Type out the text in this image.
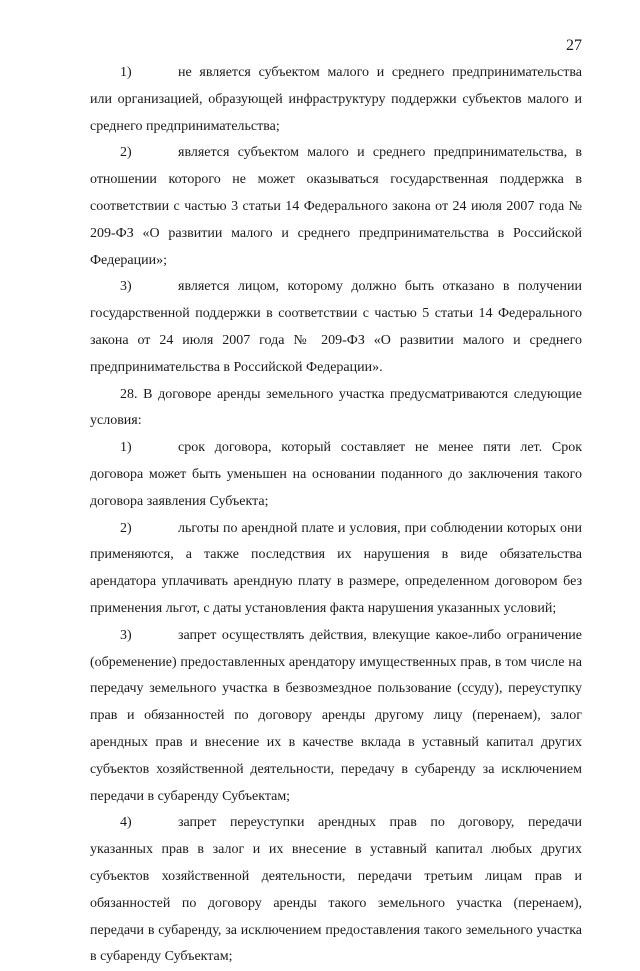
27

1)	не является субъектом малого и среднего предпринимательства или организацией, образующей инфраструктуру поддержки субъектов малого и среднего предпринимательства;

2)	является субъектом малого и среднего предпринимательства, в отношении которого не может оказываться государственная поддержка в соответствии с частью 3 статьи 14 Федерального закона от 24 июля 2007 года № 209-ФЗ «О развитии малого и среднего предпринимательства в Российской Федерации»;

3)	является лицом, которому должно быть отказано в получении государственной поддержки в соответствии с частью 5 статьи 14 Федерального закона от 24 июля 2007 года № 209-ФЗ «О развитии малого и среднего предпринимательства в Российской Федерации».

28. В договоре аренды земельного участка предусматриваются следующие условия:

1)	срок договора, который составляет не менее пяти лет. Срок договора может быть уменьшен на основании поданного до заключения такого договора заявления Субъекта;

2)	льготы по арендной плате и условия, при соблюдении которых они применяются, а также последствия их нарушения в виде обязательства арендатора уплачивать арендную плату в размере, определенном договором без применения льгот, с даты установления факта нарушения указанных условий;

3)	запрет осуществлять действия, влекущие какое-либо ограничение (обременение) предоставленных арендатору имущественных прав, в том числе на передачу земельного участка в безвозмездное пользование (ссуду), переуступку прав и обязанностей по договору аренды другому лицу (перенаем), залог арендных прав и внесение их в качестве вклада в уставный капитал других субъектов хозяйственной деятельности, передачу в субаренду за исключением передачи в субаренду Субъектам;

4)	запрет переуступки арендных прав по договору, передачи указанных прав в залог и их внесение в уставный капитал любых других субъектов хозяйственной деятельности, передачи третьим лицам прав и обязанностей по договору аренды такого земельного участка (перенаем), передачи в субаренду, за исключением предоставления такого земельного участка в субаренду Субъектам;
